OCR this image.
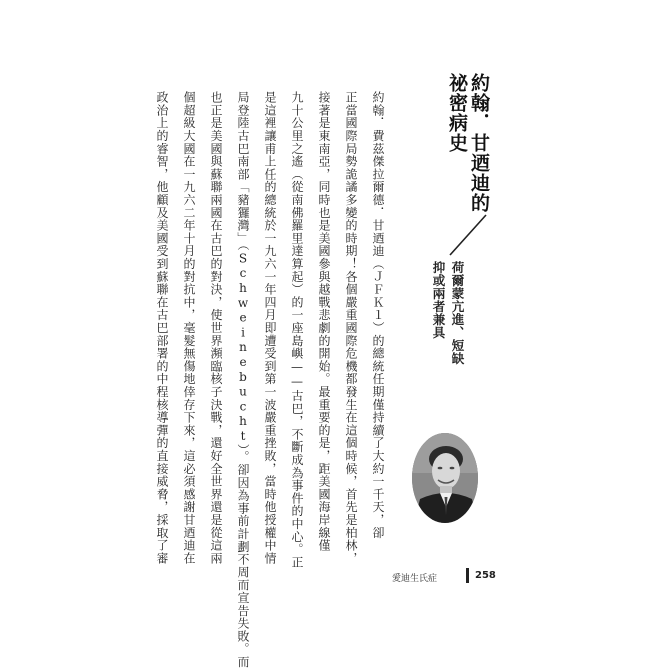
約翰．甘迺迪的
祕密病史
荷爾蒙亢進、短缺
抑或兩者兼具
約翰．費茲傑拉爾德．甘迺迪（ＪＦＫ１）的總統任期僅持續了大約一千天，卻
正當國際局勢詭譎多變的時期！各個嚴重國際危機都發生在這個時候，首先是柏林，
接著是東南亞，同時也是美國參與越戰悲劇的開始。最重要的是，距美國海岸線僅
九十公里之遙（從南佛羅里達算起）的一座島嶼——古巴，不斷成為事件的中心。正
是這裡讓甫上任的總統於一九六一年四月即遭受到第一波嚴重挫敗，當時他授權中情
局登陸古巴南部「豬玀灣」（Schweinebucht）。卻因為事前計劃不周而宣告失敗。而
也正是美國與蘇聯兩國在古巴的對決，使世界瀕臨核子決戰，還好全世界還是從這兩
個超級大國在一九六二年十月的對抗中，毫髮無傷地倖存下來，這必須感謝甘迺迪在
政治上的睿智，他顧及美國受到蘇聯在古巴部署的中程核導彈的直接威脅，採取了審
愛迪生氏症	258
